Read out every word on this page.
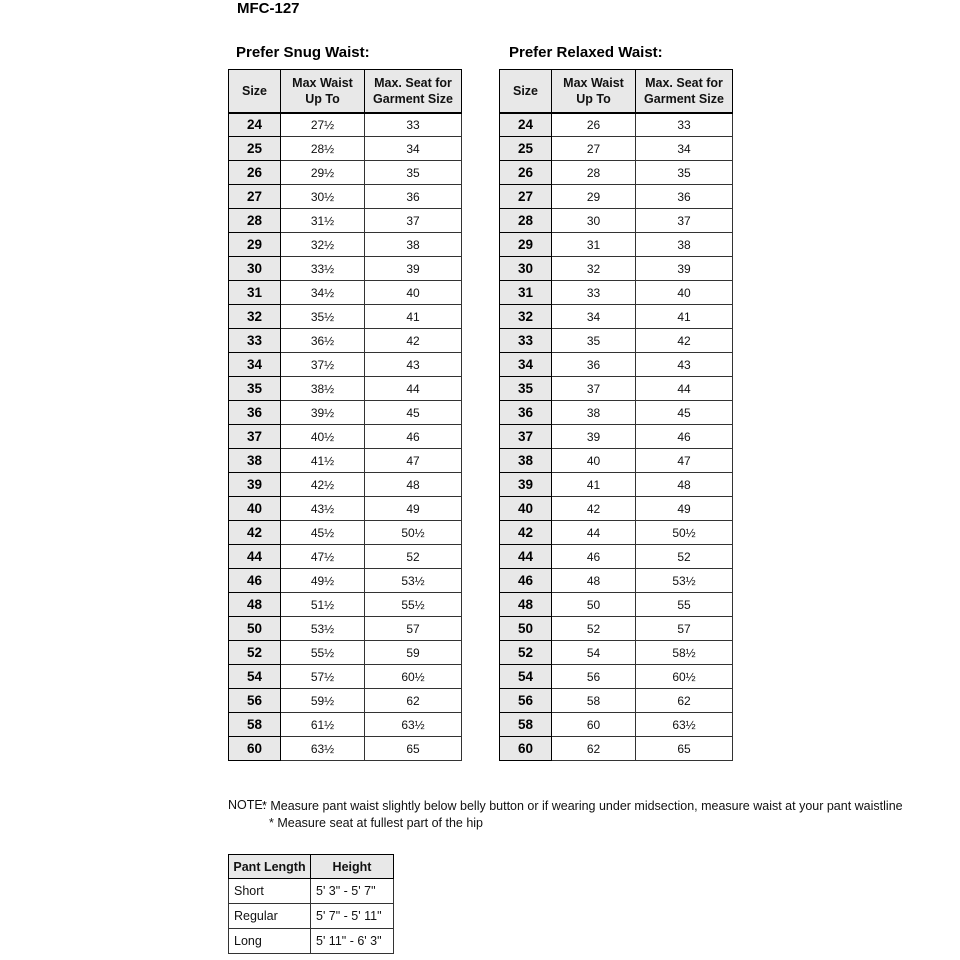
MFC-127
Prefer Snug Waist:	Prefer Relaxed Waist:
Size	Max Waist Up To	Max. Seat for Garment Size
24	27½	33
25	28½	34
26	29½	35
27	30½	36
28	31½	37
29	32½	38
30	33½	39
31	34½	40
32	35½	41
33	36½	42
34	37½	43
35	38½	44
36	39½	45
37	40½	46
38	41½	47
39	42½	48
40	43½	49
42	45½	50½
44	47½	52
46	49½	53½
48	51½	55½
50	53½	57
52	55½	59
54	57½	60½
56	59½	62
58	61½	63½
60	63½	65
Size	Max Waist Up To	Max. Seat for Garment Size
24	26	33
25	27	34
26	28	35
27	29	36
28	30	37
29	31	38
30	32	39
31	33	40
32	34	41
33	35	42
34	36	43
35	37	44
36	38	45
37	39	46
38	40	47
39	41	48
40	42	49
42	44	50½
44	46	52
46	48	53½
48	50	55
50	52	57
52	54	58½
54	56	60½
56	58	62
58	60	63½
60	62	65
NOTE:
* Measure pant waist slightly below belly button or if wearing under midsection, measure waist at your pant waistline
* Measure seat at fullest part of the hip
Pant Length	Height
Short	5' 3" - 5' 7"
Regular	5' 7" - 5' 11"
Long	5' 11" - 6' 3"
